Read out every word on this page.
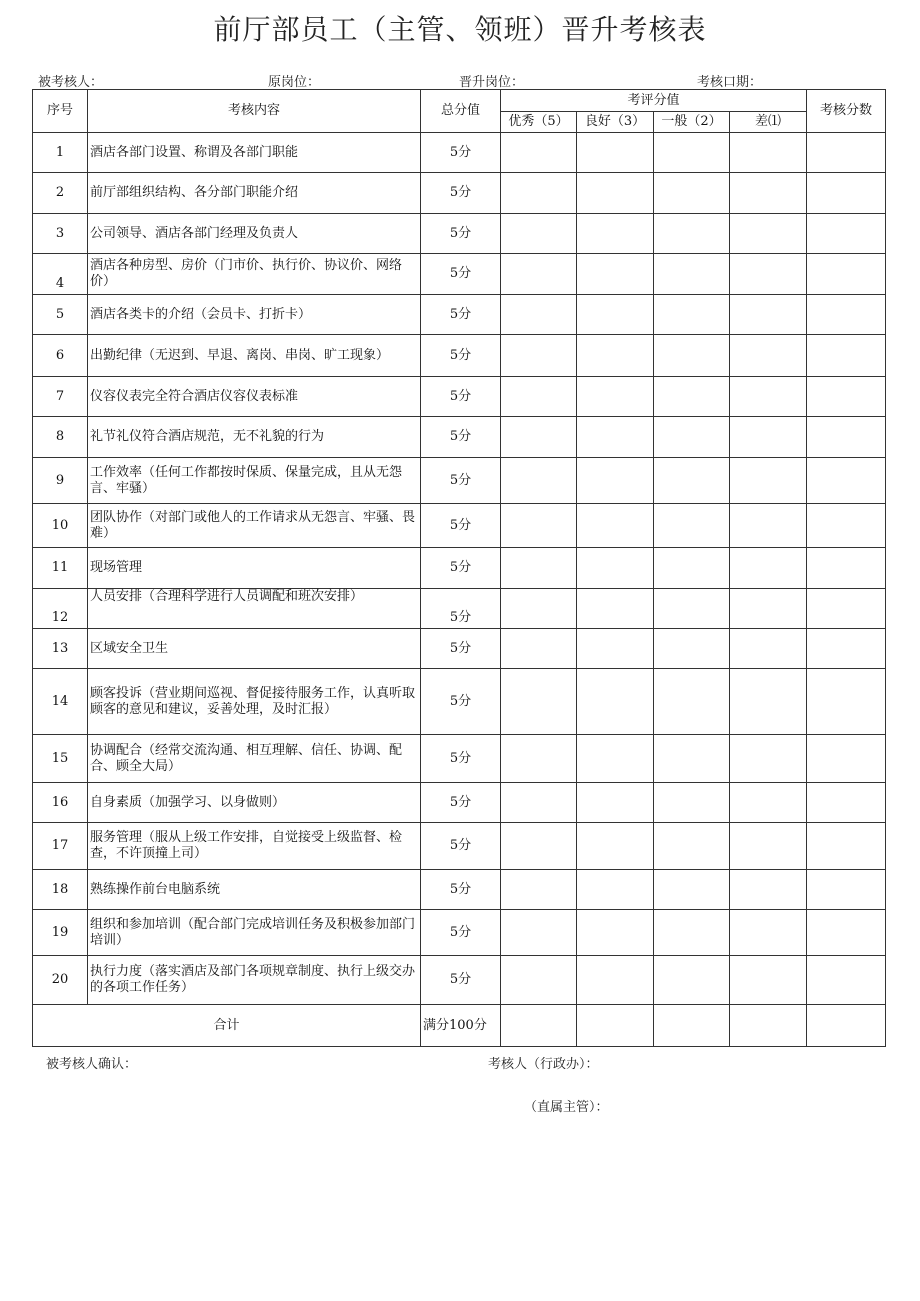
前厅部员工（主管、领班）晋升考核表
被考核人：	原岗位：	晋升岗位：	考核口期：
序号	考核内容	总分值	考评分值				考核分数
			优秀（5）	良好（3）	一般（2）	差⑴	
1	酒店各部门设置、称谓及各部门职能	5分					
2	前厅部组织结构、各分部门职能介绍	5分					
3	公司领导、酒店各部门经理及负责人	5分					
4	酒店各种房型、房价（门市价、执行价、协议价、网络价）	5分					
5	酒店各类卡的介绍（会员卡、打折卡）	5分					
6	出勤纪律（无迟到、早退、离岗、串岗、旷工现象）	5分					
7	仪容仪表完全符合酒店仪容仪表标准	5分					
8	礼节礼仪符合酒店规范，无不礼貌的行为	5分					
9	工作效率（任何工作都按时保质、保量完成，且从无怨言、牢骚）	5分					
10	团队协作（对部门或他人的工作请求从无怨言、牢骚、畏难）	5分					
11	现场管理	5分					
12	人员安排（合理科学进行人员调配和班次安排）	5分					
13	区域安全卫生	5分					
14	顾客投诉（营业期间巡视、督促接待服务工作，认真听取顾客的意见和建议，妥善处理，及时汇报）	5分					
15	协调配合（经常交流沟通、相互理解、信任、协调、配合、顾全大局）	5分					
16	自身素质（加强学习、以身做则）	5分					
17	服务管理（服从上级工作安排，自觉接受上级监督、检查，不许顶撞上司）	5分					
18	熟练操作前台电脑系统	5分					
19	组织和参加培训（配合部门完成培训任务及积极参加部门培训）	5分					
20	执行力度（落实酒店及部门各项规章制度、执行上级交办的各项工作任务）	5分					
合计		满分100分					
被考核人确认：	考核人（行政办）：
（直属主管）：
